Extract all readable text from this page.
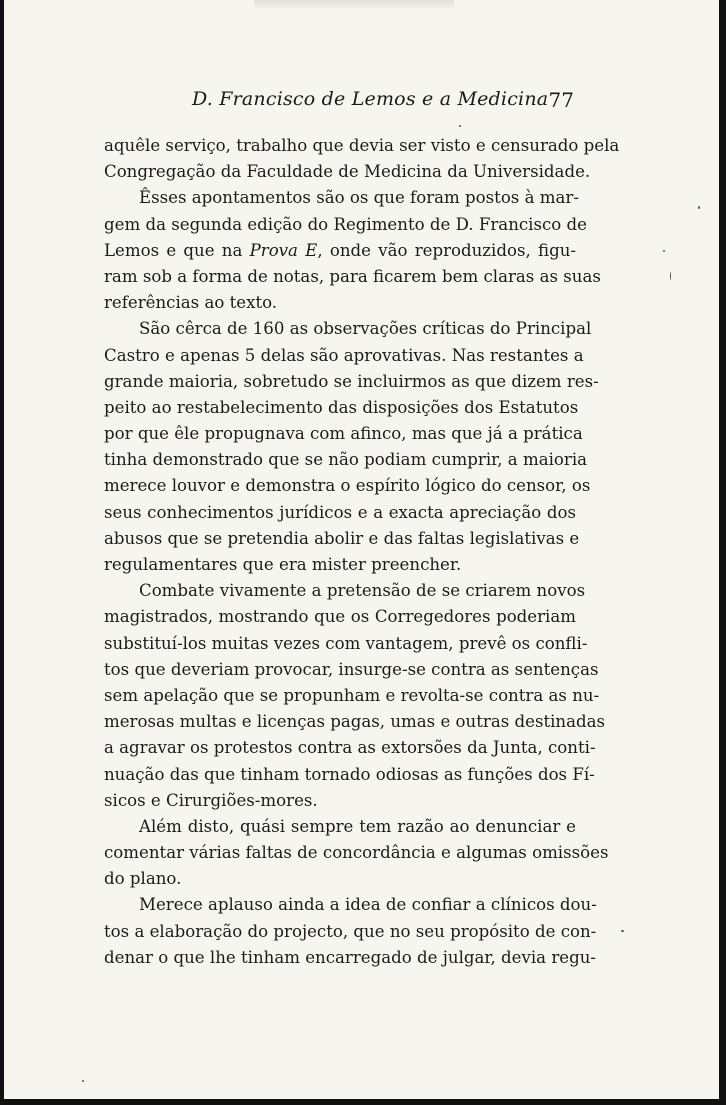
D. Francisco de Lemos e a Medicina 77
aquêle serviço, trabalho que devia ser visto e censurado pela
Congregação da Faculdade de Medicina da Universidade.
Êsses apontamentos são os que foram postos à mar-
gem da segunda edição do Regimento de D. Francisco de
Lemos e que na Prova E, onde vão reproduzidos, figu-
ram sob a forma de notas, para ficarem bem claras as suas
referências ao texto.
São cêrca de 160 as observações críticas do Principal
Castro e apenas 5 delas são aprovativas. Nas restantes a
grande maioria, sobretudo se incluirmos as que dizem res-
peito ao restabelecimento das disposições dos Estatutos
por que êle propugnava com afinco, mas que já a prática
tinha demonstrado que se não podiam cumprir, a maioria
merece louvor e demonstra o espírito lógico do censor, os
seus conhecimentos jurídicos e a exacta apreciação dos
abusos que se pretendia abolir e das faltas legislativas e
regulamentares que era mister preencher.
Combate vivamente a pretensão de se criarem novos
magistrados, mostrando que os Corregedores poderiam
substituí-los muitas vezes com vantagem, prevê os confli-
tos que deveriam provocar, insurge-se contra as sentenças
sem apelação que se propunham e revolta-se contra as nu-
merosas multas e licenças pagas, umas e outras destinadas
a agravar os protestos contra as extorsões da Junta, conti-
nuação das que tinham tornado odiosas as funções dos Fí-
sicos e Cirurgiões-mores.
Além disto, quási sempre tem razão ao denunciar e
comentar várias faltas de concordância e algumas omissões
do plano.
Merece aplauso ainda a idea de confiar a clínicos dou-
tos a elaboração do projecto, que no seu propósito de con-
denar o que lhe tinham encarregado de julgar, devia regu-
